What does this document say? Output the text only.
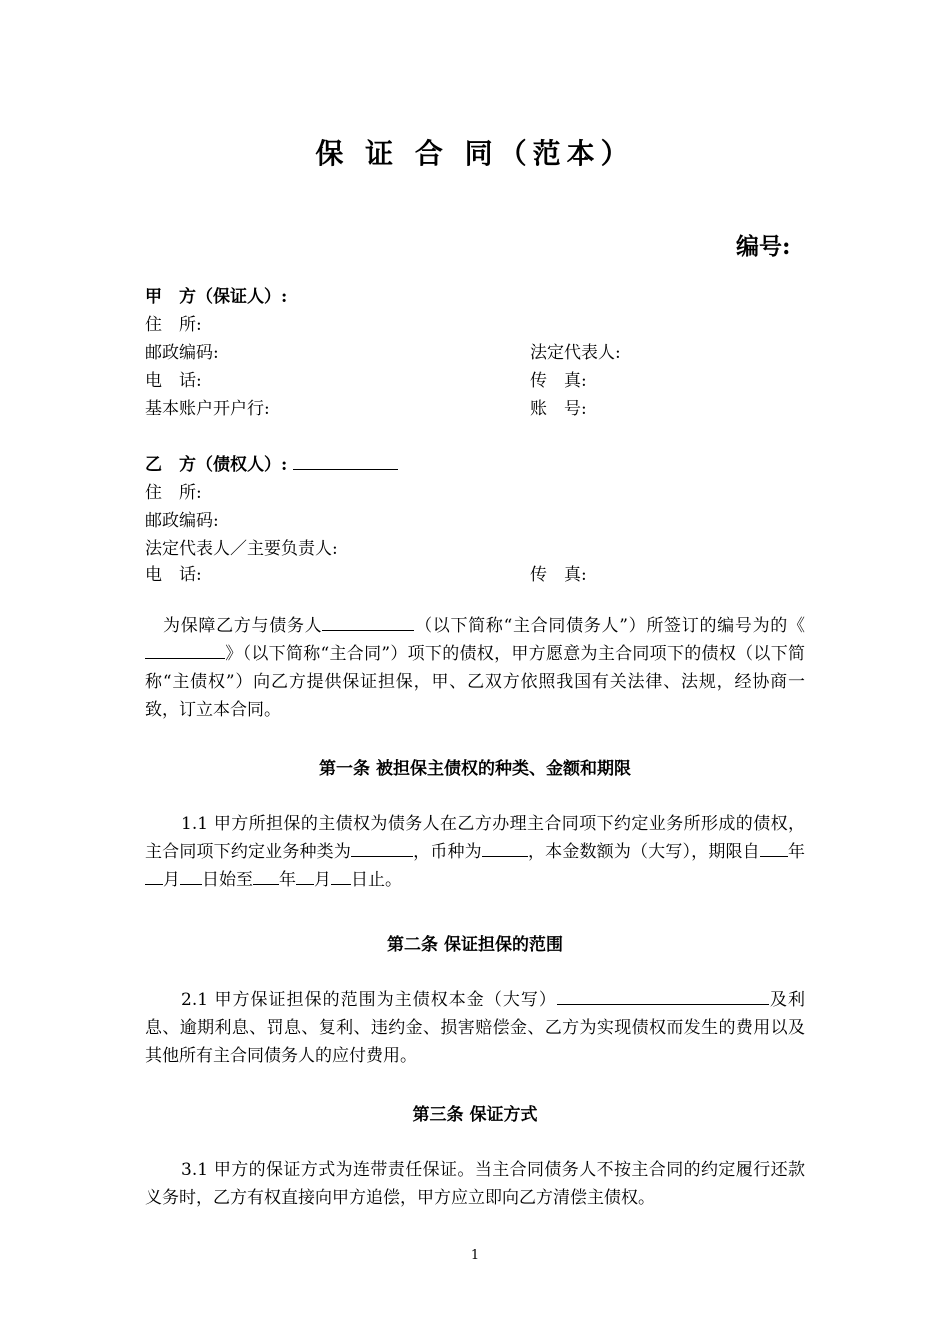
保 证 合 同（范本）
编号:
甲　方（保证人）:
住　所:
邮政编码:	法定代表人:
电　话:	传　真:
基本账户开户行:	账　号:
乙　方（债权人）:
住　所:
邮政编码:
法定代表人／主要负责人:
电　话:	传　真:
为保障乙方与债务人	（以下简称“主合同债务人”）所签订的编号为的《》（以下简称“主合同”）项下的债权，甲方愿意为主合同项下的债权（以下简称“主债权”）向乙方提供保证担保，甲、乙双方依照我国有关法律、法规，经协商一致，订立本合同。
第一条 被担保主债权的种类、金额和期限
1.1 甲方所担保的主债权为债务人在乙方办理主合同项下约定业务所形成的债权，主合同项下约定业务种类为	，币种为	，本金数额为（大写），期限自 年月 日始至 年 月 日止。
第二条 保证担保的范围
2.1 甲方保证担保的范围为主债权本金（大写）	及利息、逾期利息、罚息、复利、违约金、损害赔偿金、乙方为实现债权而发生的费用以及其他所有主合同债务人的应付费用。
第三条 保证方式
3.1 甲方的保证方式为连带责任保证。当主合同债务人不按主合同的约定履行还款义务时，乙方有权直接向甲方追偿，甲方应立即向乙方清偿主债权。
1
